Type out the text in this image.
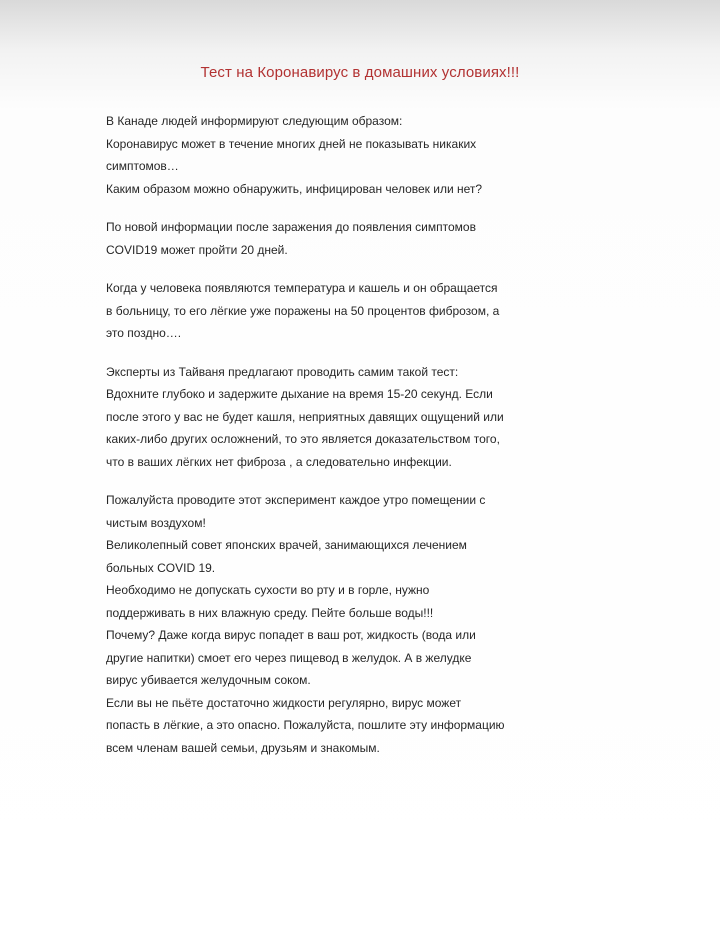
Тест на Коронавирус в домашних условиях!!!

В Канаде людей информируют следующим образом:

Коронавирус может в течение многих дней не показывать никаких
симптомов…
Каким образом можно обнаружить, инфицирован человек или нет?

По новой информации после заражения до появления симптомов
COVID19 может пройти 20 дней.

Когда у человека появляются температура и кашель и он обращается
в больницу, то его лёгкие уже поражены на 50 процентов фиброзом, а
это поздно….

Эксперты из Тайваня предлагают проводить самим такой тест:
Вдохните глубоко и задержите дыхание на время 15-20 секунд. Если
после этого у вас не будет кашля, неприятных давящих ощущений или
каких-либо других осложнений, то это является доказательством того,
что в ваших лёгких нет фиброза , а следовательно инфекции.

Пожалуйста проводите этот эксперимент каждое утро помещении с
чистым воздухом!
Великолепный совет японских врачей, занимающихся лечением
больных COVID 19.
Необходимо не допускать сухости во рту и в горле, нужно
поддерживать в них влажную среду. Пейте больше воды!!!
Почему? Даже когда вирус попадет в ваш рот, жидкость (вода или
другие напитки) смоет его через пищевод в желудок. А в желудке
вирус убивается желудочным соком.
Если вы не пьёте достаточно жидкости регулярно, вирус может
попасть в лёгкие, а это опасно. Пожалуйста, пошлите эту информацию
всем членам вашей семьи, друзьям и знакомым.
